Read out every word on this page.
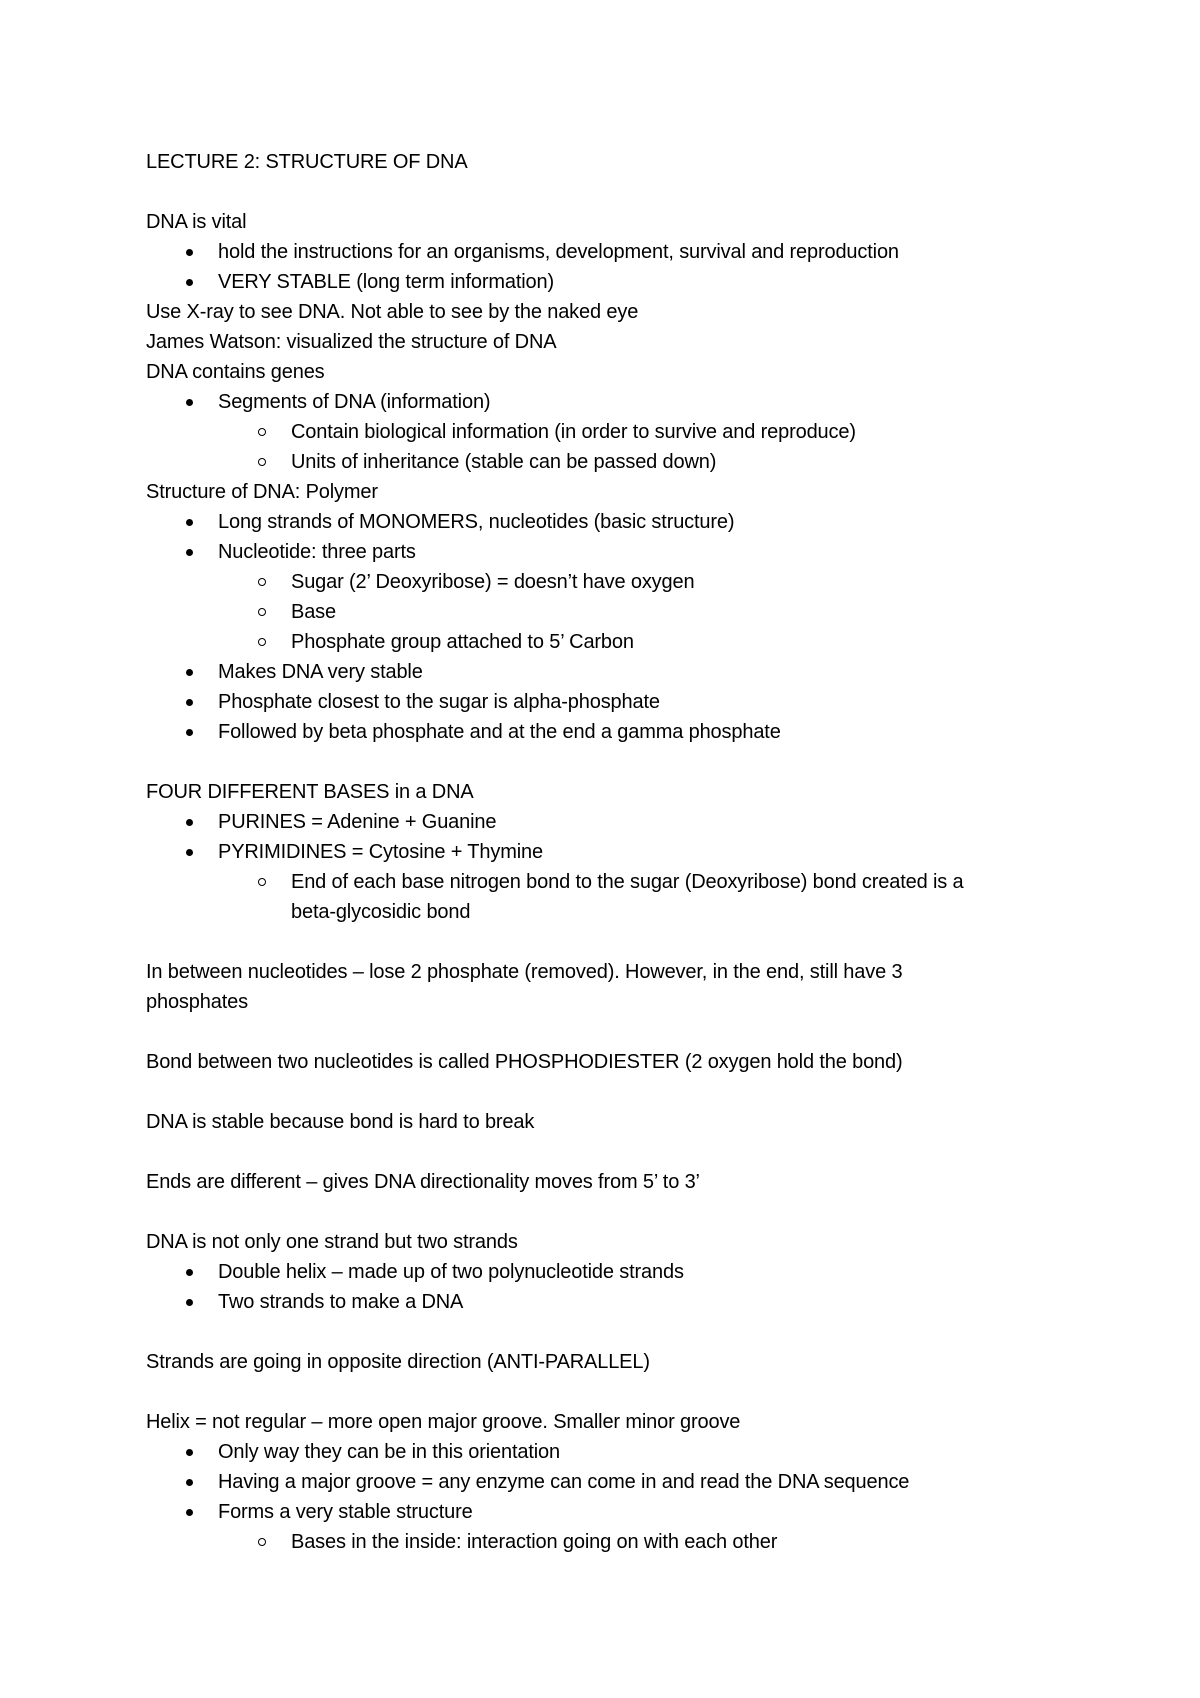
LECTURE 2: STRUCTURE OF DNA
DNA is vital
hold the instructions for an organisms, development, survival and reproduction
VERY STABLE (long term information)
Use X-ray to see DNA. Not able to see by the naked eye
James Watson: visualized the structure of DNA
DNA contains genes
Segments of DNA (information)
Contain biological information (in order to survive and reproduce)
Units of inheritance (stable can be passed down)
Structure of DNA: Polymer
Long strands of MONOMERS, nucleotides (basic structure)
Nucleotide: three parts
Sugar (2’ Deoxyribose) = doesn’t have oxygen
Base
Phosphate group attached to 5’ Carbon
Makes DNA very stable
Phosphate closest to the sugar is alpha-phosphate
Followed by beta phosphate and at the end a gamma phosphate
FOUR DIFFERENT BASES in a DNA
PURINES = Adenine + Guanine
PYRIMIDINES = Cytosine + Thymine
End of each base nitrogen bond to the sugar (Deoxyribose) bond created is a
beta-glycosidic bond
In between nucleotides – lose 2 phosphate (removed). However, in the end, still have 3
phosphates
Bond between two nucleotides is called PHOSPHODIESTER (2 oxygen hold the bond)
DNA is stable because bond is hard to break
Ends are different – gives DNA directionality moves from 5’ to 3’
DNA is not only one strand but two strands
Double helix – made up of two polynucleotide strands
Two strands to make a DNA
Strands are going in opposite direction (ANTI-PARALLEL)
Helix = not regular – more open major groove. Smaller minor groove
Only way they can be in this orientation
Having a major groove = any enzyme can come in and read the DNA sequence
Forms a very stable structure
Bases in the inside: interaction going on with each other
